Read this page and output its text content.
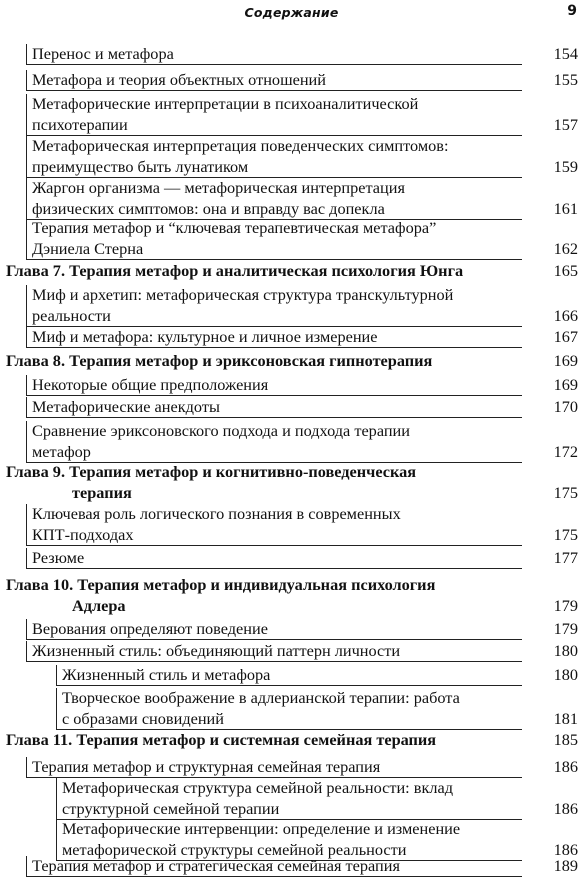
Содержание	9
Перенос и метафора	154
Метафора и теория объектных отношений	155
Метафорические интерпретации в психоаналитической
психотерапии	157
Метафорическая интерпретация поведенческих симптомов:
преимущество быть лунатиком	159
Жаргон организма — метафорическая интерпретация
физических симптомов: она и вправду вас допекла	161
Терапия метафор и “ключевая терапевтическая метафора”
Дэниела Стерна	162
Глава 7. Терапия метафор и аналитическая психология Юнга	165
Миф и архетип: метафорическая структура транскультурной
реальности	166
Миф и метафора: культурное и личное измерение	167
Глава 8. Терапия метафор и эриксоновская гипнотерапия	169
Некоторые общие предположения	169
Метафорические анекдоты	170
Сравнение эриксоновского подхода и подхода терапии
метафор	172
Глава 9. Терапия метафор и когнитивно-поведенческая
терапия	175
Ключевая роль логического познания в современных
КПТ-подходах	175
Резюме	177
Глава 10. Терапия метафор и индивидуальная психология
Адлера	179
Верования определяют поведение	179
Жизненный стиль: объединяющий паттерн личности	180
Жизненный стиль и метафора	180
Творческое воображение в адлерианской терапии: работа
с образами сновидений	181
Глава 11. Терапия метафор и системная семейная терапия	185
Терапия метафор и структурная семейная терапия	186
Метафорическая структура семейной реальности: вклад
структурной семейной терапии	186
Метафорические интервенции: определение и изменение
метафорической структуры семейной реальности	186
Терапия метафор и стратегическая семейная терапия	189
